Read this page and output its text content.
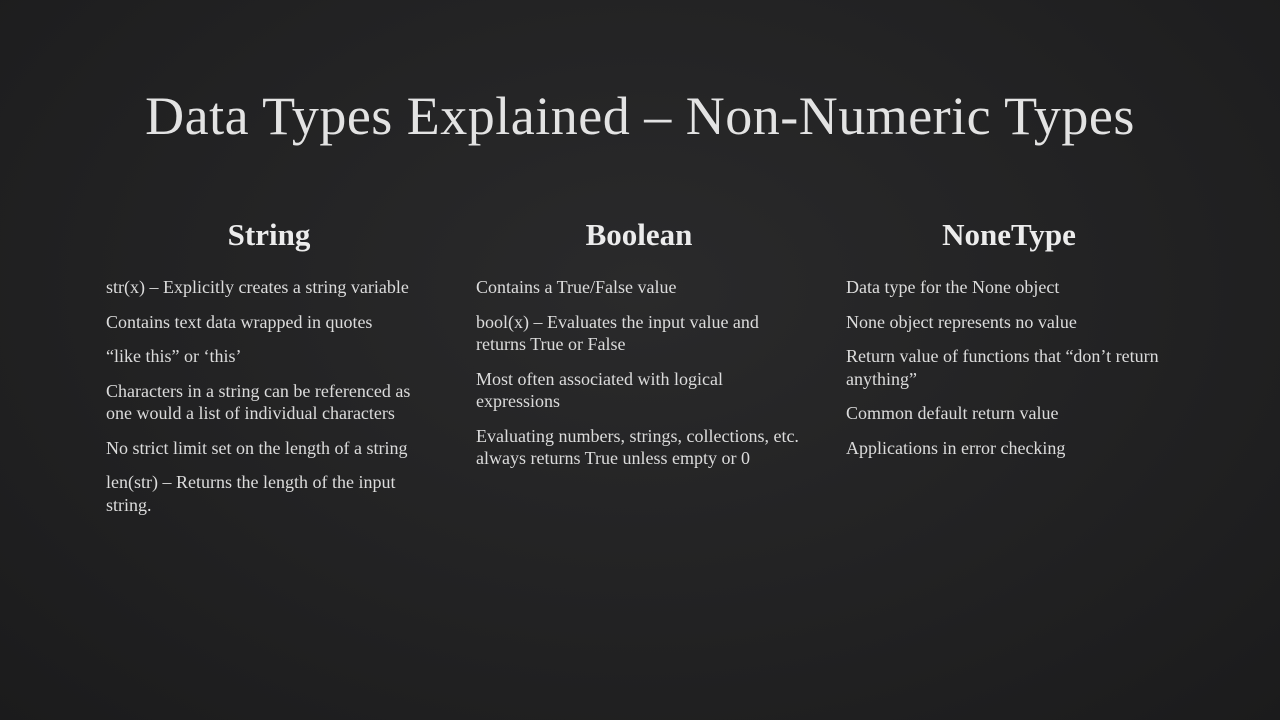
Data Types Explained – Non-Numeric Types
String
str(x) – Explicitly creates a string variable
Contains text data wrapped in quotes
“like this” or ‘this’
Characters in a string can be referenced as one would a list of individual characters
No strict limit set on the length of a string
len(str) – Returns the length of the input string.
Boolean
Contains a True/False value
bool(x) – Evaluates the input value and returns True or False
Most often associated with logical expressions
Evaluating numbers, strings, collections, etc. always returns True unless empty or 0
NoneType
Data type for the None object
None object represents no value
Return value of functions that “don’t return anything”
Common default return value
Applications in error checking
